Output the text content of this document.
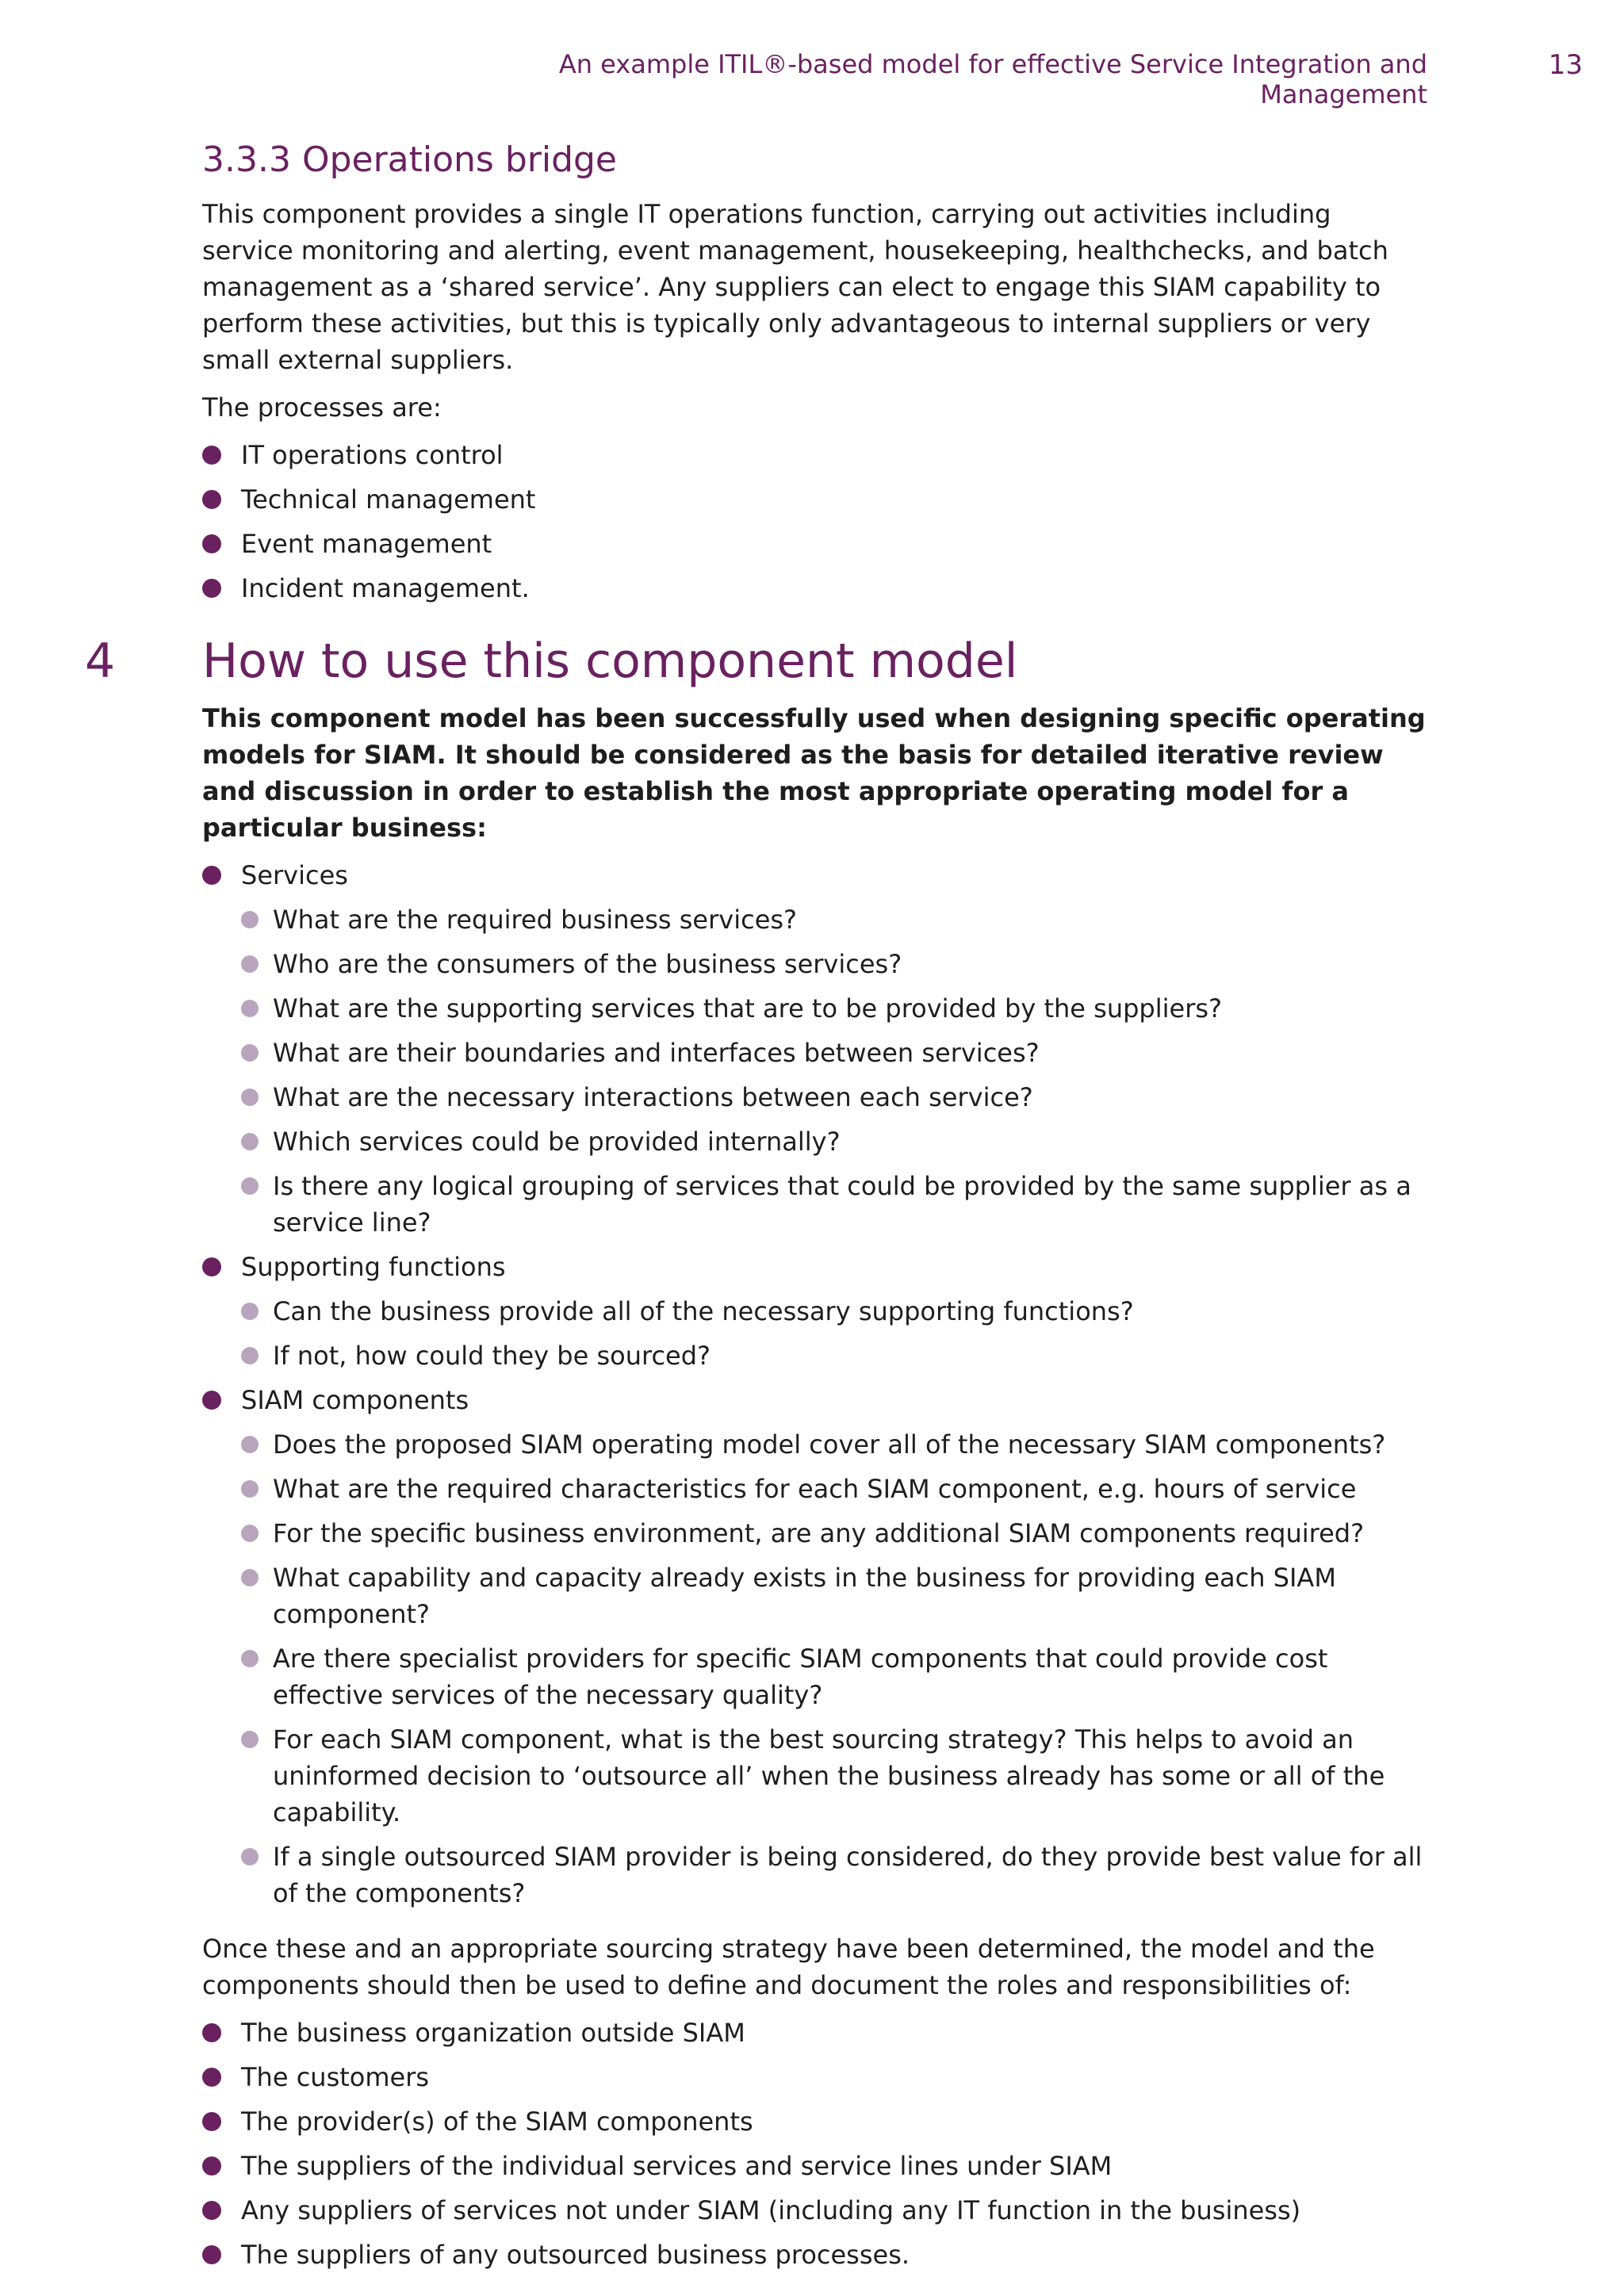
An example ITIL®-based model for effective Service Integration and Management
13
3.3.3 Operations bridge

This component provides a single IT operations function, carrying out activities including service monitoring and alerting, event management, housekeeping, healthchecks, and batch management as a ‘shared service’. Any suppliers can elect to engage this SIAM capability to perform these activities, but this is typically only advantageous to internal suppliers or very small external suppliers.

The processes are:

IT operations control
Technical management
Event management
Incident management.
4 How to use this component model

This component model has been successfully used when designing specific operating models for SIAM. It should be considered as the basis for detailed iterative review and discussion in order to establish the most appropriate operating model for a particular business:

Services
What are the required business services?
Who are the consumers of the business services?
What are the supporting services that are to be provided by the suppliers?
What are their boundaries and interfaces between services?
What are the necessary interactions between each service?
Which services could be provided internally?
Is there any logical grouping of services that could be provided by the same supplier as a service line?
Supporting functions
Can the business provide all of the necessary supporting functions?
If not, how could they be sourced?
SIAM components
Does the proposed SIAM operating model cover all of the necessary SIAM components?
What are the required characteristics for each SIAM component, e.g. hours of service
For the specific business environment, are any additional SIAM components required?
What capability and capacity already exists in the business for providing each SIAM component?
Are there specialist providers for specific SIAM components that could provide cost effective services of the necessary quality?
For each SIAM component, what is the best sourcing strategy? This helps to avoid an uninformed decision to ‘outsource all’ when the business already has some or all of the capability.
If a single outsourced SIAM provider is being considered, do they provide best value for all of the components?

Once these and an appropriate sourcing strategy have been determined, the model and the components should then be used to define and document the roles and responsibilities of:

The business organization outside SIAM
The customers
The provider(s) of the SIAM components
The suppliers of the individual services and service lines under SIAM
Any suppliers of services not under SIAM (including any IT function in the business)
The suppliers of any outsourced business processes.
